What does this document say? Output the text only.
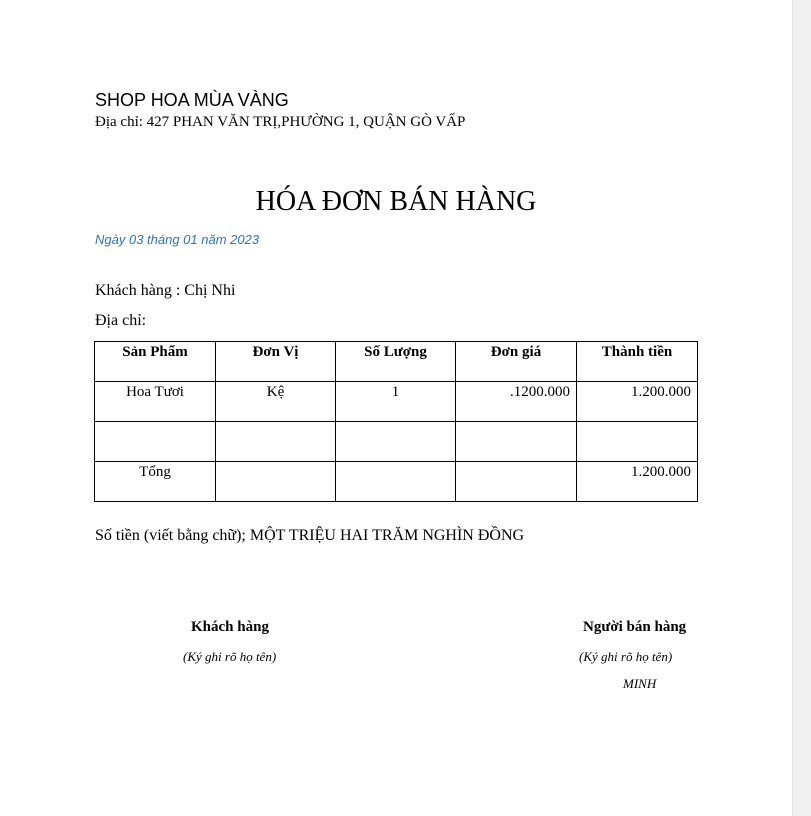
SHOP HOA MÙA VÀNG
Địa chỉ: 427 PHAN VĂN TRỊ,PHƯỜNG 1, QUẬN GÒ VẤP
HÓA ĐƠN BÁN HÀNG
Ngày 03 tháng 01 năm 2023
Khách hàng : Chị Nhi
Địa chỉ:
Sản Phẩm	Đơn Vị	Số Lượng	Đơn giá	Thành tiền
Hoa Tươi	Kệ	1	.1200.000	1.200.000

Tổng				1.200.000
Số tiền (viết bằng chữ); MỘT TRIỆU HAI TRĂM NGHÌN ĐỒNG
Khách hàng
(Ký ghi rõ họ tên)
Người bán hàng
(Ký ghi rõ họ tên)
MINH
